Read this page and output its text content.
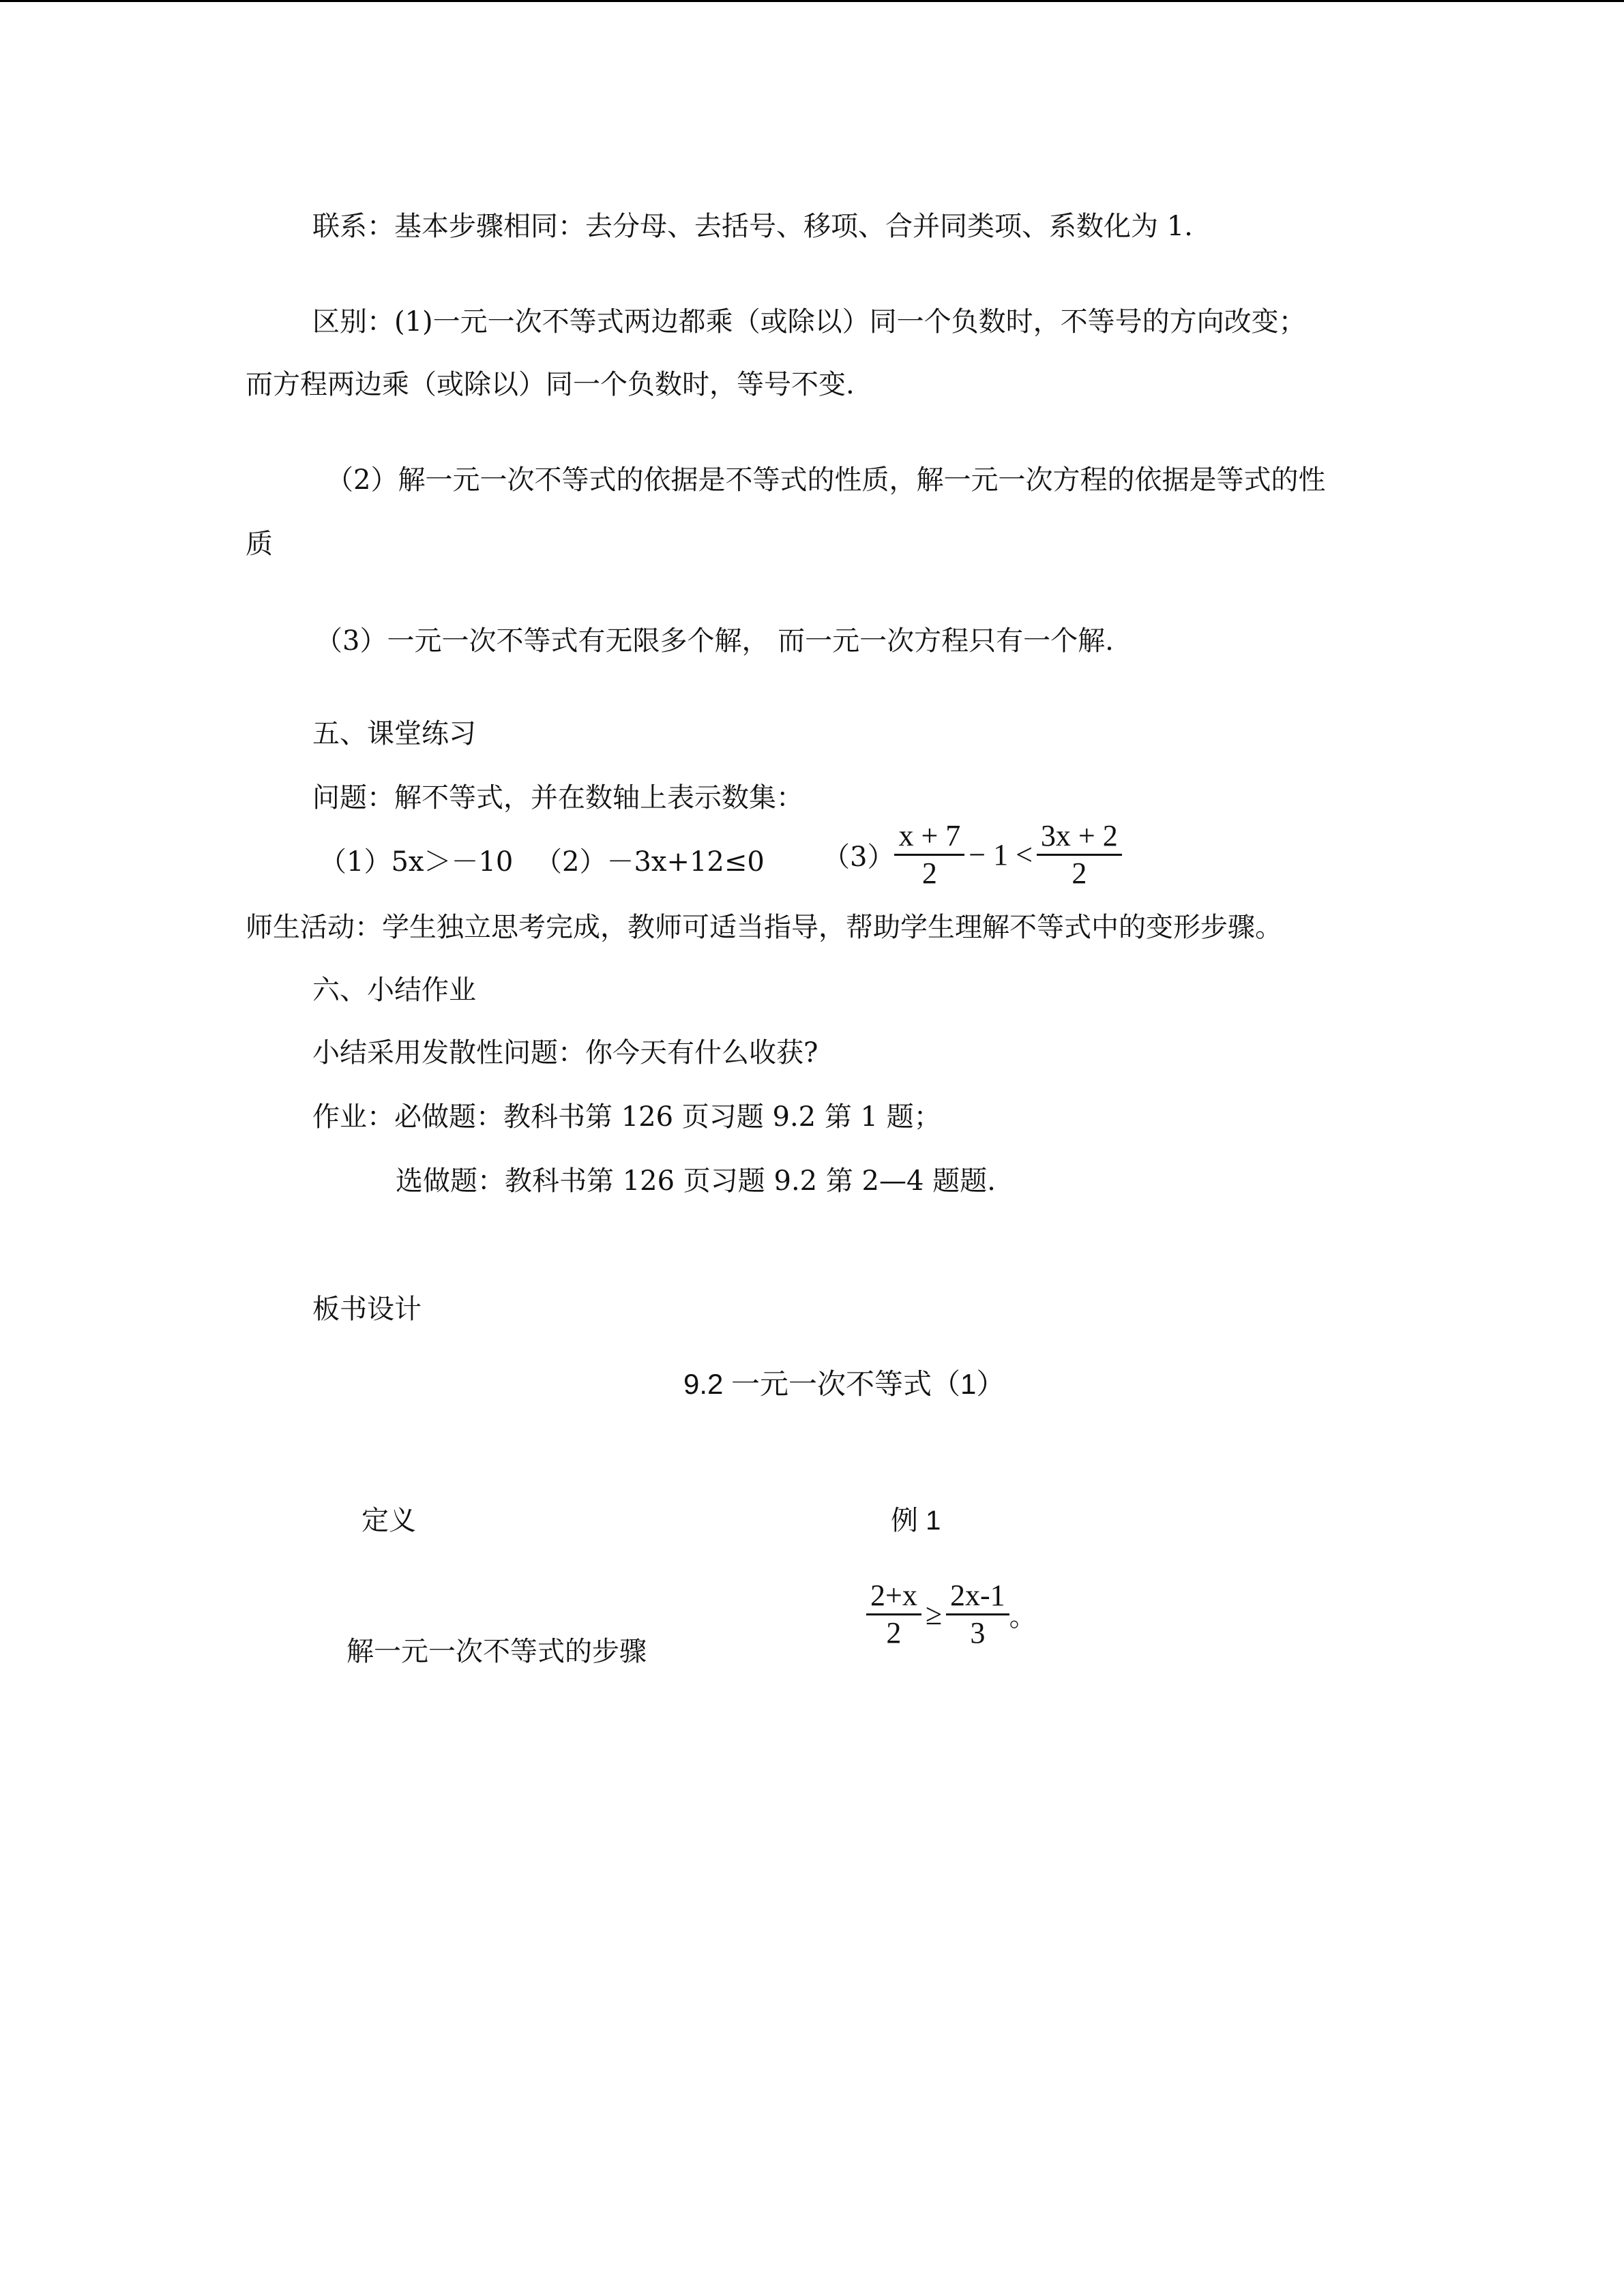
联系：基本步骤相同：去分母、去括号、移项、合并同类项、系数化为 1.
区别：(1)一元一次不等式两边都乘（或除以）同一个负数时，不等号的方向改变；
而方程两边乘（或除以）同一个负数时，等号不变.
（2）解一元一次不等式的依据是不等式的性质，解一元一次方程的依据是等式的性
质
（3）一元一次不等式有无限多个解， 而一元一次方程只有一个解.
五、课堂练习
问题：解不等式，并在数轴上表示数集：
（1）5x＞－10 （2）－3x+12≤0 $(3) \frac{x + 7}{2} - 1 < \frac{3x + 2}{2}$
师生活动：学生独立思考完成，教师可适当指导，帮助学生理解不等式中的变形步骤。
六、小结作业
小结采用发散性问题：你今天有什么收获?
作业：必做题：教科书第 126 页习题 9.2 第 1 题；
选做题：教科书第 126 页习题 9.2 第 2—4 题题.
板书设计
9.2 一元一次不等式（1）
定义	例 1
解一元一次不等式的步骤
$\frac{2+x}{2} \ge \frac{2x-1}{3}$ 。
